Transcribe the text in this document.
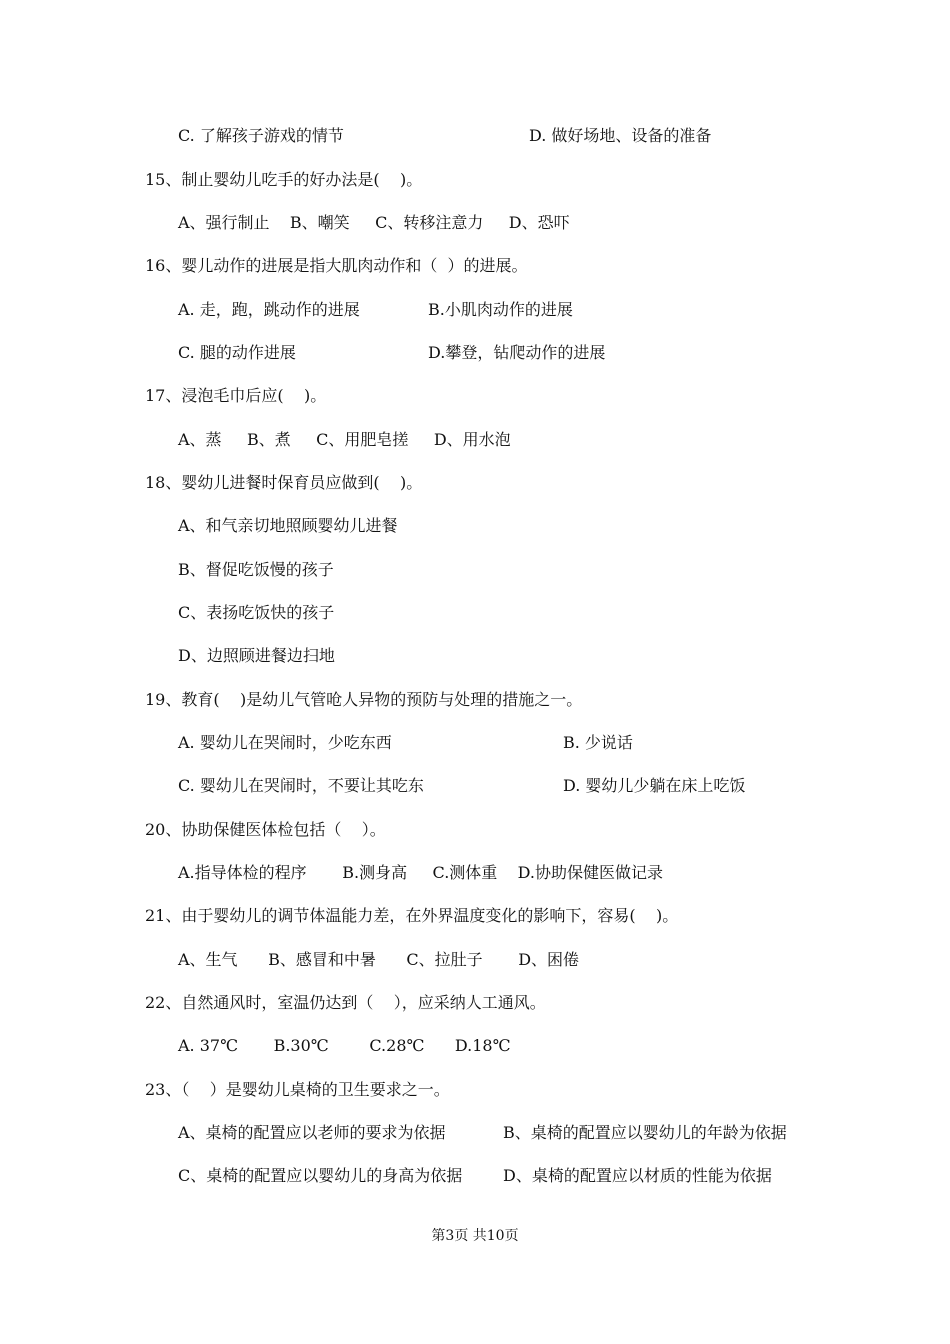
C. 了解孩子游戏的情节	D. 做好场地、设备的准备
15、制止婴幼儿吃手的好办法是(    )。
A、强行制止    B、嘲笑     C、转移注意力     D、恐吓
16、婴儿动作的进展是指大肌肉动作和（  ）的进展。
A. 走，跑，跳动作的进展	B.小肌肉动作的进展
C. 腿的动作进展	D.攀登，钻爬动作的进展
17、浸泡毛巾后应(    )。
A、蒸     B、煮     C、用肥皂搓     D、用水泡
18、婴幼儿进餐时保育员应做到(    )。
A、和气亲切地照顾婴幼儿进餐
B、督促吃饭慢的孩子
C、表扬吃饭快的孩子
D、边照顾进餐边扫地
19、教育(    )是幼儿气管呛人异物的预防与处理的措施之一。
A. 婴幼儿在哭闹时，少吃东西	B. 少说话
C. 婴幼儿在哭闹时，不要让其吃东	D. 婴幼儿少躺在床上吃饭
20、协助保健医体检包括（    ）。
A.指导体检的程序       B.测身高     C.测体重    D.协助保健医做记录
21、由于婴幼儿的调节体温能力差，在外界温度变化的影响下，容易(    )。
A、生气      B、感冒和中暑      C、拉肚子       D、困倦
22、自然通风时，室温仍达到（    ），应采纳人工通风。
A. 37℃       B.30℃        C.28℃      D.18℃
23、（    ）是婴幼儿桌椅的卫生要求之一。
A、桌椅的配置应以老师的要求为依据	B、桌椅的配置应以婴幼儿的年龄为依据
C、桌椅的配置应以婴幼儿的身高为依据	D、桌椅的配置应以材质的性能为依据
第3页 共10页
